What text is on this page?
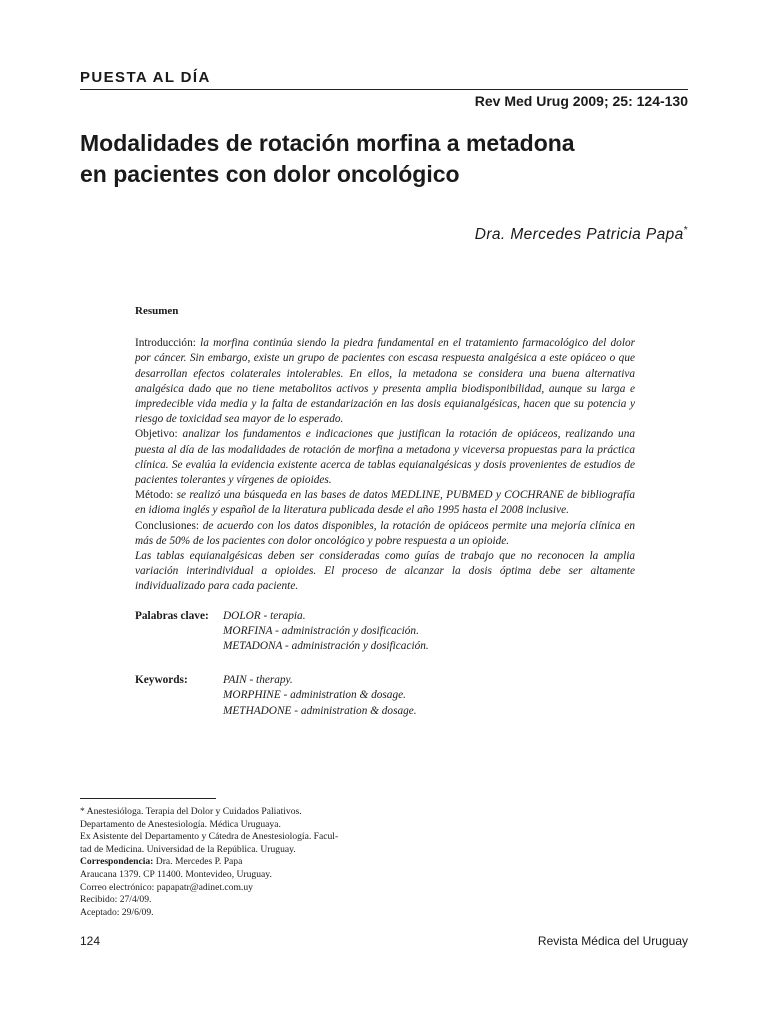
PUESTA AL DÍA
Rev Med Urug 2009; 25: 124-130
Modalidades de rotación morfina a metadona
en pacientes con dolor oncológico
Dra. Mercedes Patricia Papa*
Resumen

Introducción: la morfina continúa siendo la piedra fundamental en el tratamiento farmacológico del dolor por cáncer. Sin embargo, existe un grupo de pacientes con escasa respuesta analgésica a este opiáceo o que desarrollan efectos colaterales intolerables. En ellos, la metadona se considera una buena alternativa analgésica dado que no tiene metabolitos activos y presenta amplia biodisponibilidad, aunque su larga e impredecible vida media y la falta de estandarización en las dosis equianalgésicas, hacen que su potencia y riesgo de toxicidad sea mayor de lo esperado.

Objetivo: analizar los fundamentos e indicaciones que justifican la rotación de opiáceos, realizando una puesta al día de las modalidades de rotación de morfina a metadona y viceversa propuestas para la práctica clínica. Se evalúa la evidencia existente acerca de tablas equianalgésicas y dosis provenientes de estudios de pacientes tolerantes y vírgenes de opioides.

Método: se realizó una búsqueda en las bases de datos MEDLINE, PUBMED y COCHRANE de bibliografía en idioma inglés y español de la literatura publicada desde el año 1995 hasta el 2008 inclusive.

Conclusiones: de acuerdo con los datos disponibles, la rotación de opiáceos permite una mejoría clínica en más de 50% de los pacientes con dolor oncológico y pobre respuesta a un opioide.

Las tablas equianalgésicas deben ser consideradas como guías de trabajo que no reconocen la amplia variación interindividual a opioides. El proceso de alcanzar la dosis óptima debe ser altamente individualizado para cada paciente.

Palabras clave:	DOLOR - terapia.
MORFINA - administración y dosificación.
METADONA - administración y dosificación.
Keywords:	PAIN - therapy.
MORPHINE - administration & dosage.
METHADONE - administration & dosage.
* Anestesióloga. Terapia del Dolor y Cuidados Paliativos.
Departamento de Anestesiología. Médica Uruguaya.
Ex Asistente del Departamento y Cátedra de Anestesiología. Facul-
tad de Medicina. Universidad de la República. Uruguay.
Correspondencia: Dra. Mercedes P. Papa
Araucana 1379. CP 11400. Montevideo, Uruguay.
Correo electrónico: papapatr@adinet.com.uy
Recibido: 27/4/09.
Aceptado: 29/6/09.
124	Revista Médica del Uruguay
